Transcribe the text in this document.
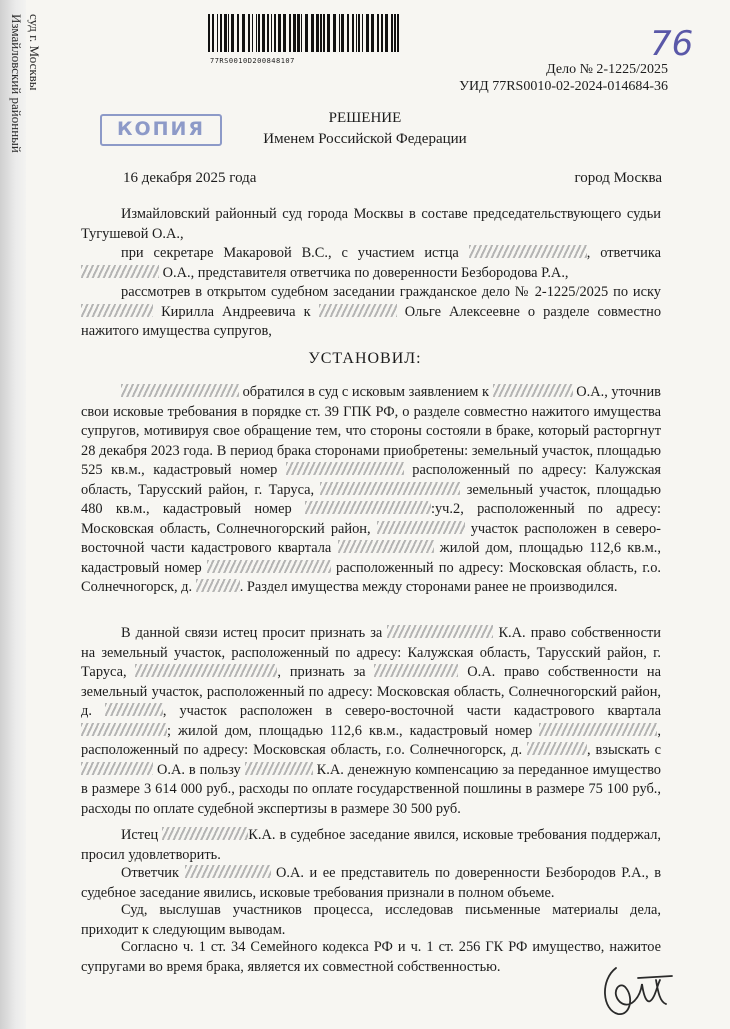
Измайловский районный суд г. Москвы	77RS0010D200848107	76
Дело № 2-1225/2025
УИД 77RS0010-02-2024-014684-36
КОПИЯ	РЕШЕНИЕ
Именем Российской Федерации
16 декабря 2025 года	город Москва

Измайловский районный суд города Москвы в составе председательствующего судьи Тугушевой О.А.,

при секретаре Макаровой В.С., с участием истца	, ответчика  О.А., представителя ответчика по доверенности Безбородова Р.А.,

рассмотрев в открытом судебном заседании гражданское дело № 2-1225/2025 по иску  Кирилла Андреевича к	Ольге Алексеевне о разделе совместно нажитого имущества супругов,

УСТАНОВИЛ:

обратился в суд с исковым заявлением к	О.А., уточнив свои исковые требования в порядке ст. 39 ГПК РФ, о разделе совместно нажитого имущества супругов, мотивируя свое обращение тем, что стороны состояли в браке, который расторгнут 28 декабря 2023 года. В период брака сторонами приобретены: земельный участок, площадью 525 кв.м., кадастровый номер	расположенный по адресу: Калужская область, Тарусский район, г. Таруса,	земельный участок, площадью 480 кв.м., кадастровый номер	:уч.2, расположенный по адресу: Московская область, Солнечногорский район,	участок расположен в северо-восточной части кадастрового квартала	жилой дом, площадью 112,6 кв.м., кадастровый номер	расположенный по адресу: Московская область, г.о. Солнечногорск, д.	. Раздел имущества между сторонами ранее не производился.

В данной связи истец просит признать за	К.А. право собственности на земельный участок, расположенный по адресу: Калужская область, Тарусский район, г. Таруса,	, признать за	О.А. право собственности на земельный участок, расположенный по адресу: Московская область, Солнечногорский район, д.	, участок расположен в северо-восточной части кадастрового квартала ; жилой дом, площадью 112,6 кв.м., кадастровый номер	, расположенный по адресу: Московская область, г.о. Солнечногорск, д.	, взыскать с  О.А. в пользу	К.А. денежную компенсацию за переданное имущество в размере 3 614 000 руб., расходы по оплате государственной пошлины в размере 75 100 руб., расходы по оплате судебной экспертизы в размере 30 500 руб.

Истец	К.А. в судебное заседание явился, исковые требования поддержал, просил удовлетворить.

Ответчик	О.А. и ее представитель по доверенности Безбородов Р.А., в судебное заседание явились, исковые требования признали в полном объеме.

Суд, выслушав участников процесса, исследовав письменные материалы дела, приходит к следующим выводам.

Согласно ч. 1 ст. 34 Семейного кодекса РФ и ч. 1 ст. 256 ГК РФ имущество, нажитое супругами во время брака, является их совместной собственностью.
